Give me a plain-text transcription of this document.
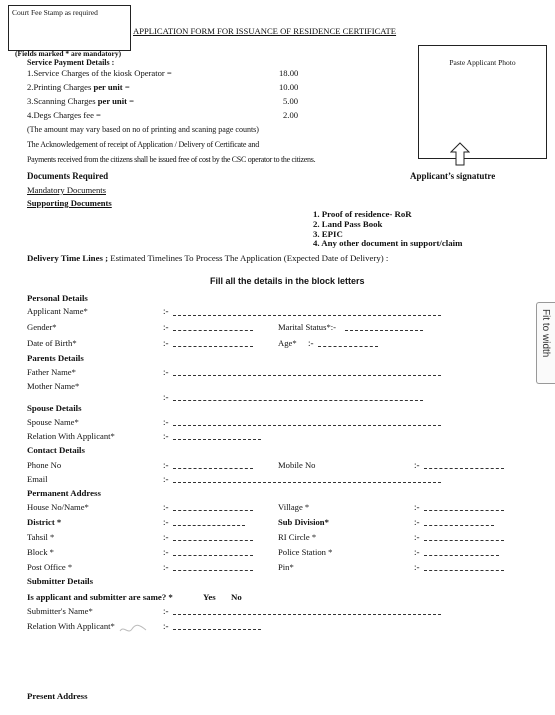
Court Fee Stamp as required
APPLICATION FORM FOR ISSUANCE OF RESIDENCE CERTIFICATE
(Fields marked * are mandatory)
Paste Applicant Photo
Applicant’s signatutre
Service Payment Details :
1.Service Charges of the kiosk Operator =	18.00
2.Printing Charges per unit =	10.00
3.Scanning Charges per unit =	5.00
4.Degs Charges fee =	2.00
(The amount may vary based on no of printing and scaning page counts)
The Acknowledgement of receipt of Application / Delivery of Certificate and
Payments received from the citizens shall be issued free of cost by the CSC operator to the citizens.
Documents Required
Mandatory Documents
Supporting Documents
1. Proof of residence- RoR
2. Land Pass Book
3. EPIC
4. Any other document in support/claim
Delivery Time Lines ; Estimated Timelines To Process The Application (Expected Date of Delivery) :
Fill all the details in the block letters
Personal Details
Applicant Name*	:-
Gender*	:-	Marital Status*:-
Date of Birth*	:-	Age* :-
Parents Details
Father Name*	:-
Mother Name*
:-
Spouse Details
Spouse Name*	:-
Relation With Applicant*	:-
Contact Details
Phone No	:-	Mobile No	:-
Email	:-
Permanent Address
House No/Name*	:-	Village *	:-
District *	:-	Sub Division*	:-
Tahsil *	:-	RI Circle *	:-
Block *	:-	Police Station *	:-
Post Office *	:-	Pin*	:-
Submitter Details
Is applicant and submitter are same? *	Yes No
Submitter's Name*	:-
Relation With Applicant*	:-
Present Address
Fit to width
